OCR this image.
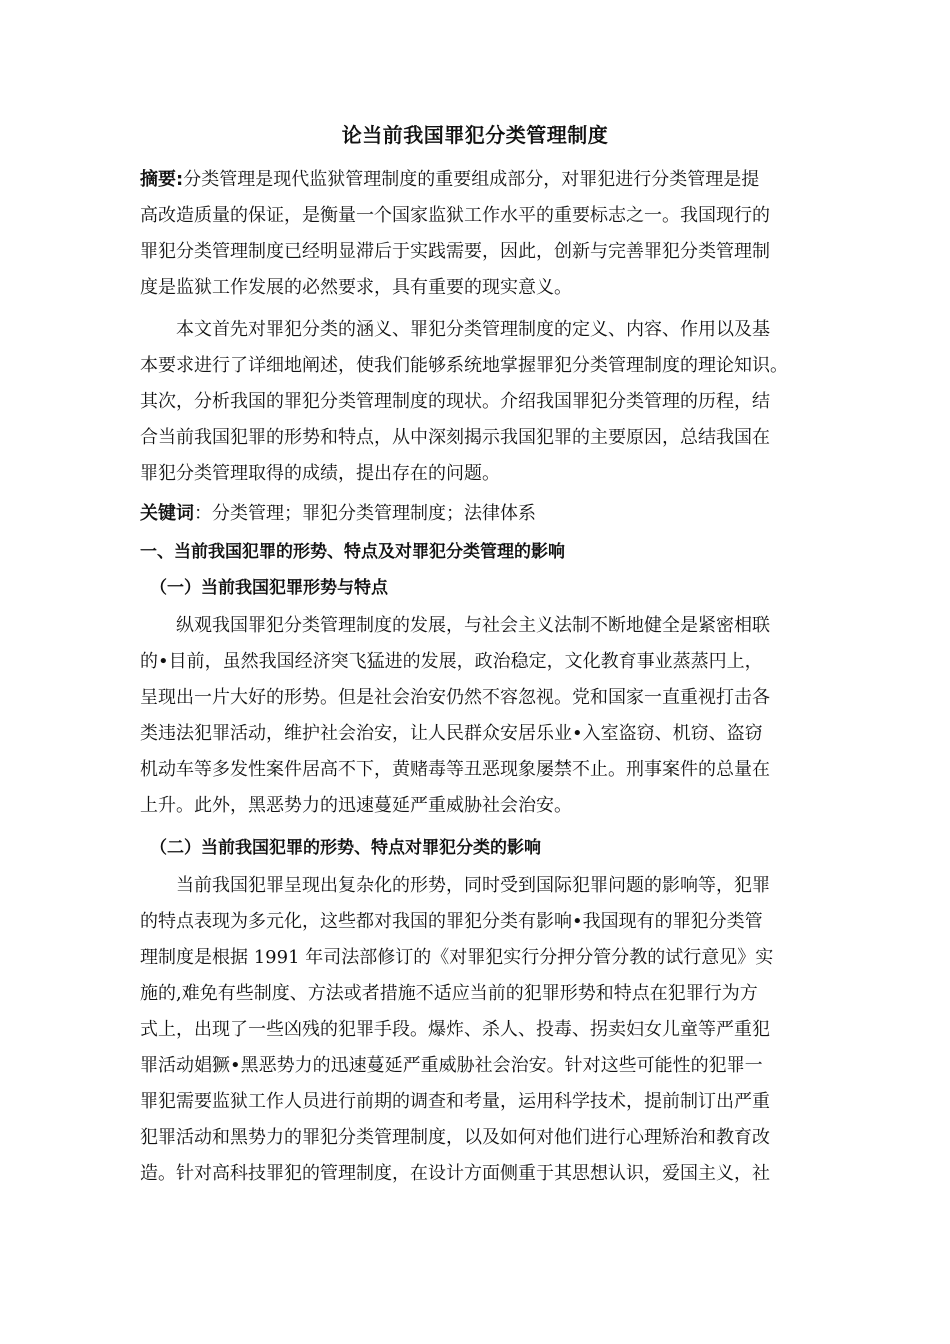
论当前我国罪犯分类管理制度
摘要:分类管理是现代监狱管理制度的重要组成部分，对罪犯进行分类管理是提
高改造质量的保证，是衡量一个国家监狱工作水平的重要标志之一。我国现行的
罪犯分类管理制度已经明显滞后于实践需要，因此，创新与完善罪犯分类管理制
度是监狱工作发展的必然要求，具有重要的现实意义。
本文首先对罪犯分类的涵义、罪犯分类管理制度的定义、内容、作用以及基
本要求进行了详细地阐述，使我们能够系统地掌握罪犯分类管理制度的理论知识。
其次，分析我国的罪犯分类管理制度的现状。介绍我国罪犯分类管理的历程，结
合当前我国犯罪的形势和特点，从中深刻揭示我国犯罪的主要原因，总结我国在
罪犯分类管理取得的成绩，提出存在的问题。
关键词：分类管理；罪犯分类管理制度；法律体系
一、当前我国犯罪的形势、特点及对罪犯分类管理的影响
（一）当前我国犯罪形势与特点
纵观我国罪犯分类管理制度的发展，与社会主义法制不断地健全是紧密相联
的•目前，虽然我国经济突飞猛进的发展，政治稳定，文化教育事业蒸蒸円上，
呈现出一片大好的形势。但是社会治安仍然不容忽视。党和国家一直重视打击各
类违法犯罪活动，维护社会治安，让人民群众安居乐业•入室盗窃、机窃、盗窃
机动车等多发性案件居高不下，黄赌毒等丑恶现象屡禁不止。刑事案件的总量在
上升。此外，黑恶势力的迅速蔓延严重威胁社会治安。
（二）当前我国犯罪的形势、特点对罪犯分类的影响
当前我国犯罪呈现出复杂化的形势，同时受到国际犯罪问题的影响等，犯罪
的特点表现为多元化，这些都对我国的罪犯分类有影响•我国现有的罪犯分类管
理制度是根据 1991 年司法部修订的《对罪犯实行分押分管分教的试行意见》实
施的,难免有些制度、方法或者措施不适应当前的犯罪形势和特点在犯罪行为方
式上，出现了一些凶残的犯罪手段。爆炸、杀人、投毒、拐卖妇女儿童等严重犯
罪活动娼獗•黑恶势力的迅速蔓延严重威胁社会治安。针对这些可能性的犯罪一
罪犯需要监狱工作人员进行前期的调查和考量，运用科学技术，提前制订出严重
犯罪活动和黑势力的罪犯分类管理制度，以及如何对他们进行心理矫治和教育改
造。针对高科技罪犯的管理制度，在设计方面侧重于其思想认识，爱国主义，社
